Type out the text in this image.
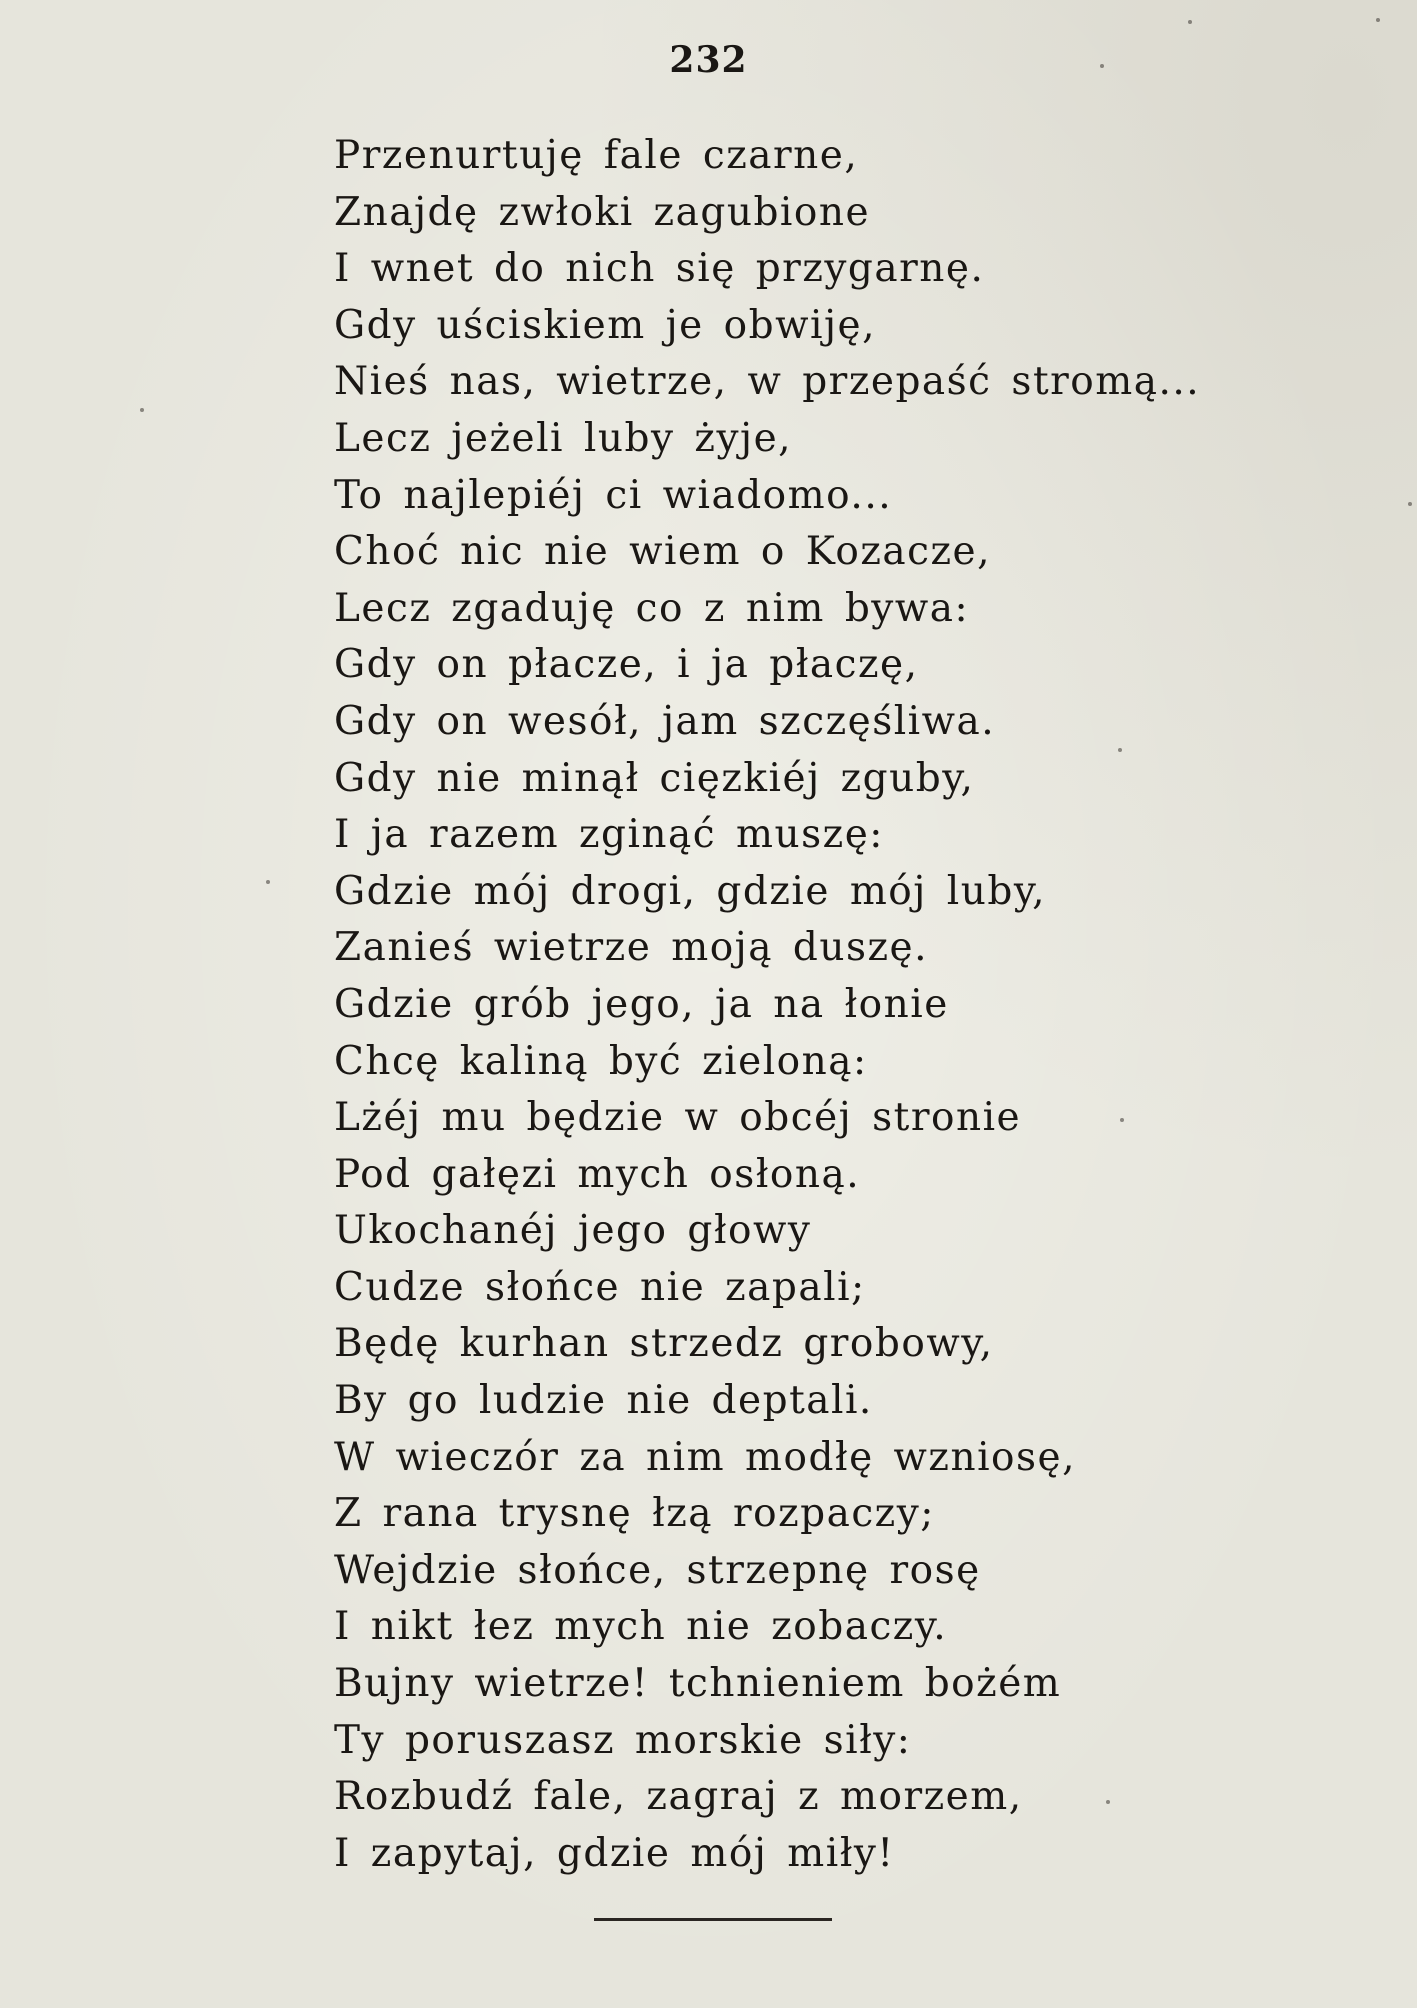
232
Przenurtuję fale czarne,
Znajdę zwłoki zagubione
I wnet do nich się przygarnę.
Gdy uściskiem je obwiję,
Nieś nas, wietrze, w przepaść stromą...
Lecz jeżeli luby żyje,
To najlepiéj ci wiadomo...
Choć nic nie wiem o Kozacze,
Lecz zgaduję co z nim bywa:
Gdy on płacze, i ja płaczę,
Gdy on wesół, jam szczęśliwa.
Gdy nie minął cięzkiéj zguby,
I ja razem zginąć muszę:
Gdzie mój drogi, gdzie mój luby,
Zanieś wietrze moją duszę.
Gdzie grób jego, ja na łonie
Chcę kaliną być zieloną:
Lżéj mu będzie w obcéj stronie
Pod gałęzi mych osłoną.
Ukochanéj jego głowy
Cudze słońce nie zapali;
Będę kurhan strzedz grobowy,
By go ludzie nie deptali.
W wieczór za nim modłę wzniosę,
Z rana trysnę łzą rozpaczy;
Wejdzie słońce, strzepnę rosę
I nikt łez mych nie zobaczy.
Bujny wietrze! tchnieniem bożém
Ty poruszasz morskie siły:
Rozbudź fale, zagraj z morzem,
I zapytaj, gdzie mój miły!
